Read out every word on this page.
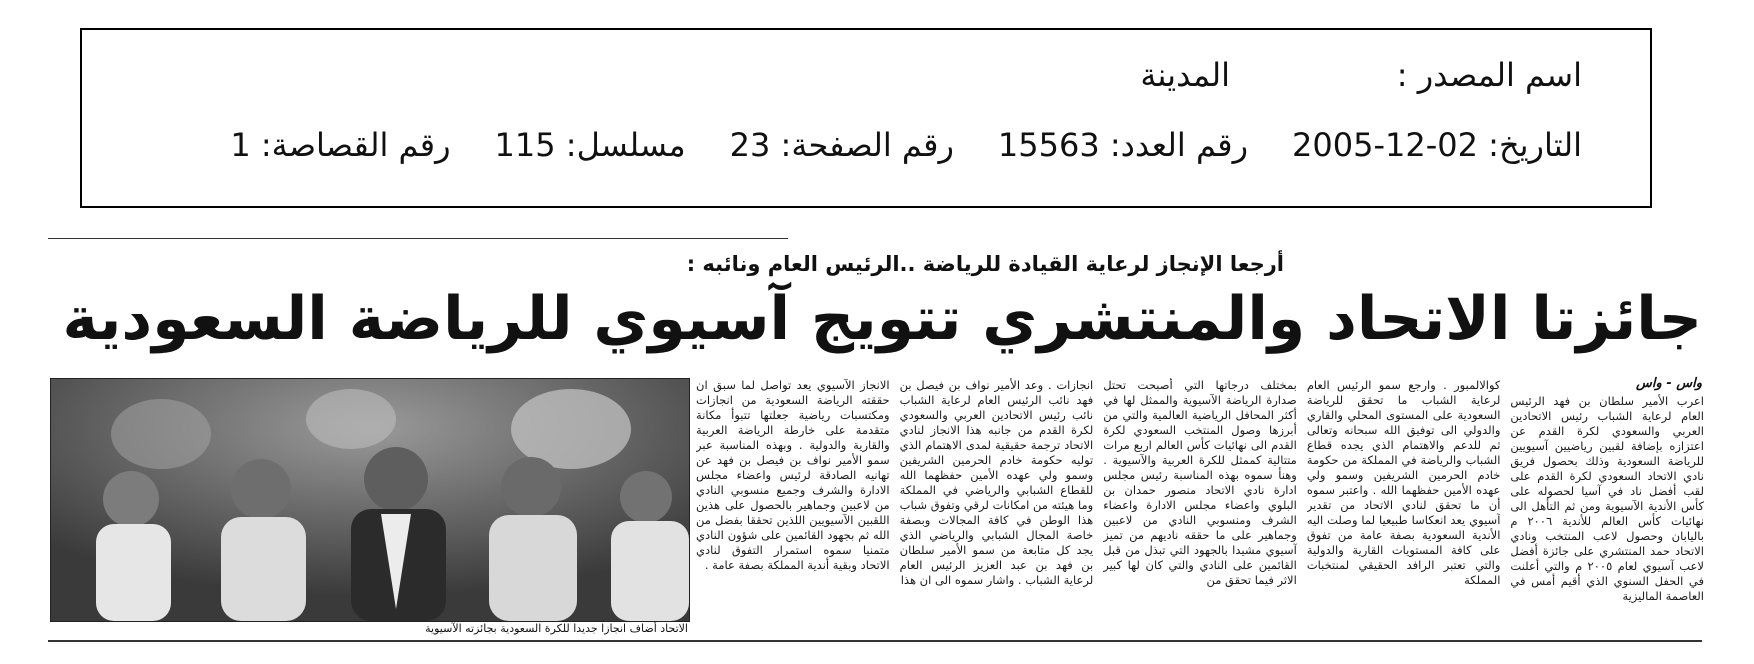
اسم المصدر :
المدينة
التاريخ: 2005-12-02
رقم العدد: 15563
رقم الصفحة: 23
مسلسل: 115
رقم القصاصة: 1
أرجعا الإنجاز لرعاية القيادة للرياضة ..الرئيس العام ونائبه :
جائزتا الاتحاد والمنتشري تتويج آسيوي للرياضة السعودية
واس - واس
اعرب الأمير سلطان بن فهد الرئيس العام لرعاية الشباب رئيس الاتحادين العربي والسعودي لكرة القدم عن اعتزازه بإضافة لقبين رياضيين آسيويين للرياضة السعودية وذلك بحصول فريق نادي الاتحاد السعودي لكرة القدم على لقب أفضل ناد في آسيا لحصوله على كأس الأندية الآسيوية ومن ثم التأهل الى نهائيات كأس العالم للأندية ٢٠٠٦ م باليابان وحصول لاعب المنتخب ونادي الاتحاد حمد المنتشري على جائزة أفضل لاعب آسيوي لعام ٢٠٠٥ م والتي أعلنت في الحفل السنوي الذي أقيم أمس في العاصمة الماليزية
كوالالمبور . وارجع سمو الرئيس العام لرعاية الشباب ما تحقق للرياضة السعودية على المستوى المحلي والقاري والدولي الى توفيق الله سبحانه وتعالى ثم للدعم والاهتمام الذي يجده قطاع الشباب والرياضة في المملكة من حكومة خادم الحرمين الشريفين وسمو ولي عهده الأمين حفظهما الله . واعتبر سموه أن ما تحقق لنادي الاتحاد من تقدير آسيوي يعد انعكاسا طبيعيا لما وصلت اليه الأندية السعودية بصفة عامة من تفوق على كافة المستويات القارية والدولية والتي تعتبر الرافد الحقيقي لمنتخبات المملكة
بمختلف درجاتها التي أصبحت تحتل صدارة الرياضة الآسيوية والممثل لها في أكثر المحافل الرياضية العالمية والتي من أبرزها وصول المنتخب السعودي لكرة القدم الى نهائيات كأس العالم اربع مرات متتالية كممثل للكرة العربية والآسيوية . وهنأ سموه بهذه المناسبة رئيس مجلس ادارة نادي الاتحاد منصور حمدان بن البلوي واعضاء مجلس الادارة واعضاء الشرف ومنسوبي النادي من لاعبين وجماهير على ما حققه ناديهم من تميز آسيوي مشيدا بالجهود التي تبذل من قبل القائمين على النادي والتي كان لها كبير الاثر فيما تحقق من
انجازات . وعد الأمير نواف بن فيصل بن فهد نائب الرئيس العام لرعاية الشباب نائب رئيس الاتحادين العربي والسعودي لكرة القدم من جانبه هذا الانجاز لنادي الاتحاد ترجمة حقيقية لمدى الاهتمام الذي توليه حكومة خادم الحرمين الشريفين وسمو ولي عهده الأمين حفظهما الله للقطاع الشبابي والرياضي في المملكة وما هيئته من امكانات لرقي وتفوق شباب هذا الوطن في كافة المجالات وبصفة خاصة المجال الشبابي والرياضي الذي يجد كل متابعة من سمو الأمير سلطان بن فهد بن عبد العزيز الرئيس العام لرعاية الشباب . واشار سموه الى ان هذا
الانجاز الآسيوي يعد تواصل لما سبق ان حققته الرياضة السعودية من انجازات ومكتسبات رياضية جعلتها تتبوأ مكانة متقدمة على خارطة الرياضة العربية والقارية والدولية . وبهذه المناسبة عبر سمو الأمير نواف بن فيصل بن فهد عن تهانيه الصادقة لرئيس واعضاء مجلس الادارة والشرف وجميع منسوبي النادي من لاعبين وجماهير بالحصول على هذين اللقبين الآسيويين اللذين تحققا بفضل من الله ثم بجهود القائمين على شؤون النادي متمنيا سموه استمرار التفوق لنادي الاتحاد وبقية أندية المملكة بصفة عامة .
الاتحاد أضاف انجازا جديدا للكرة السعودية بجائزته الآسيوية
